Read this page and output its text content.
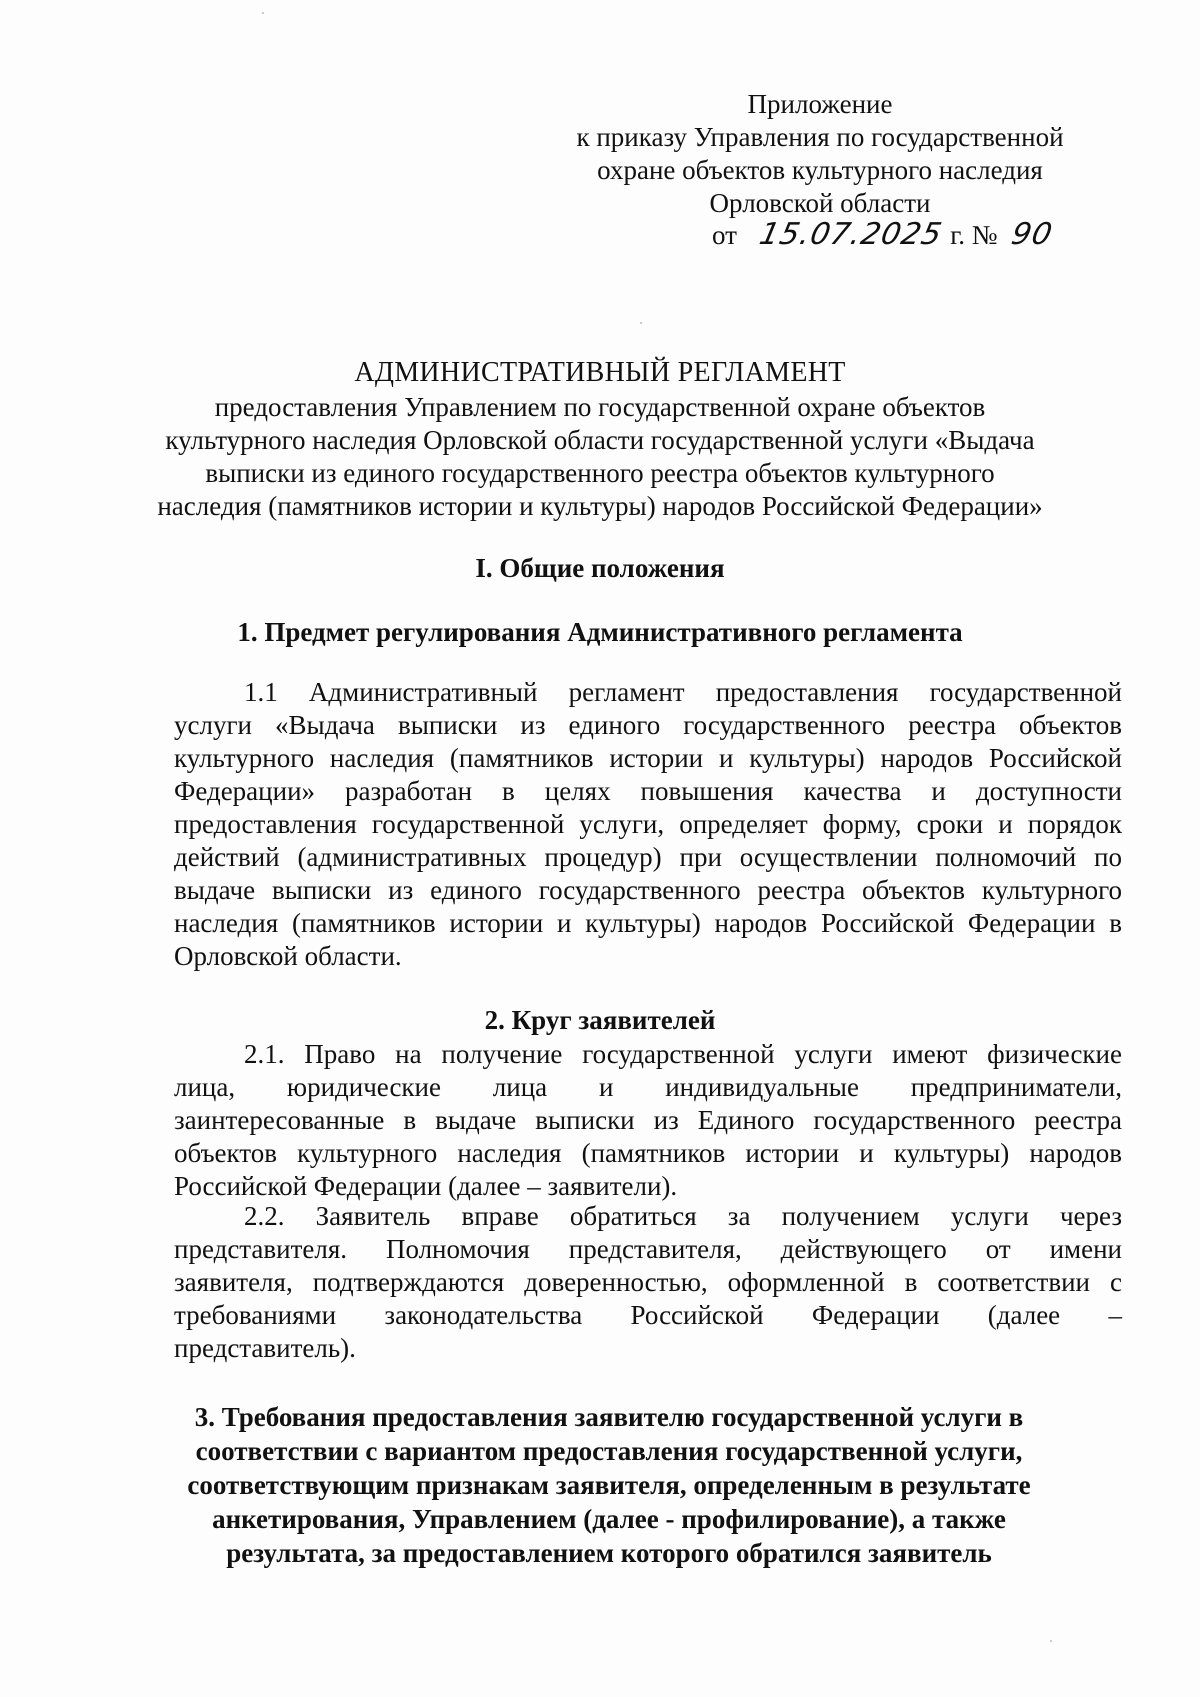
Приложение
к приказу Управления по государственной
охране объектов культурного наследия
Орловской области
от 15.07.2025 г. № 90
АДМИНИСТРАТИВНЫЙ РЕГЛАМЕНТ
предоставления Управлением по государственной охране объектов
культурного наследия Орловской области государственной услуги «Выдача
выписки из единого государственного реестра объектов культурного
наследия (памятников истории и культуры) народов Российской Федерации»
I. Общие положения
1. Предмет регулирования Административного регламента
1.1 Административный регламент предоставления государственной
услуги «Выдача выписки из единого государственного реестра объектов
культурного наследия (памятников истории и культуры) народов Российской
Федерации» разработан в целях повышения качества и доступности
предоставления государственной услуги, определяет форму, сроки и порядок
действий (административных процедур) при осуществлении полномочий по
выдаче выписки из единого государственного реестра объектов культурного
наследия (памятников истории и культуры) народов Российской Федерации в
Орловской области.
2. Круг заявителей
2.1. Право на получение государственной услуги имеют физические
лица, юридические лица и индивидуальные предприниматели,
заинтересованные в выдаче выписки из Единого государственного реестра
объектов культурного наследия (памятников истории и культуры) народов
Российской Федерации (далее – заявители).
2.2. Заявитель вправе обратиться за получением услуги через
представителя. Полномочия представителя, действующего от имени
заявителя, подтверждаются доверенностью, оформленной в соответствии с
требованиями законодательства Российской Федерации (далее –
представитель).
3. Требования предоставления заявителю государственной услуги в
соответствии с вариантом предоставления государственной услуги,
соответствующим признакам заявителя, определенным в результате
анкетирования, Управлением (далее - профилирование), а также
результата, за предоставлением которого обратился заявитель
